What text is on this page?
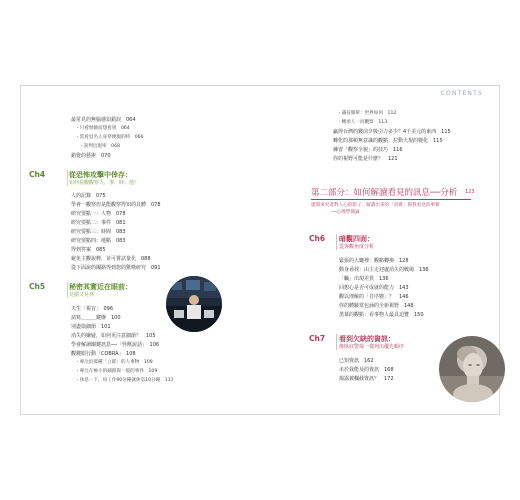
CONTENTS
最常見的無腦感知錯誤　064
・只看無臉而想看到　064
・當看見名人身穿便服的時　066
・誤判出現率　068
錯覺的藝術　070
Ch4	從恐怖攻擊中倖存：
如何看觀觀察人、事、時、地？
人的記錄　075
學會一觀察但是能觀察得知的具體　078
研究要點一：人物　078
研究要點二：事件　081
研究要點三：時間　083
研究要點四：地點　083
得到答案　085
避免主觀說釋，並可嘗試量化　088
從下面說的國路得到您的驚嘆研究　091
Ch5	秘密其實近在眼前：
見樹又見林
天生「視盲」　096
請寫＿＿＿鍵盤　100
別盡篇細節　101
消失的嫌疑，如何更注意細節？　105
學會解讀關鍵訊息──「怪獸說話」　106
觀鍵眼行動「COBRA」　108
・專注於那種「立即」的人事物　109
・專注在極小的細節與一般的事件　109
・休息一下，每工作90分鐘就休息10分鐘　111
・識盲簡單：世界如何　112
・轉承人一同觀察　113
贏得台灣的錢前夕吸引力多少？4千美元的東西　115
轉化的那頓無意識的觀點，拉動大規的變化　115
練習「觀察全貌」的技巧　116
你的視野可能是什麼？　121
第二部分：如何解讀看見的訊息──分析 123
提問來究者對人心的影子，解讀出來的「真實」與我看見的事實
──心理學簡論
Ch6 暗觀四面：
從客觀角度分析
緊張的大廳裡：觀點轉換　128
動身尋找：由主走迎處消失的戰場　136
「矚」出現差異　136
回想心是否可成就的能力　143
觀以理解的「自序變」？　146
你的體驗常包涵的全新視野　148
黑幕的觀點：看事物人最具迫覽　150
Ch7 看到欠缺的資訊：
像臥底警探一樣列出優先順序
已知資訊　162
未於我能及的資訊　168
揭露被欄截資訊？　172
